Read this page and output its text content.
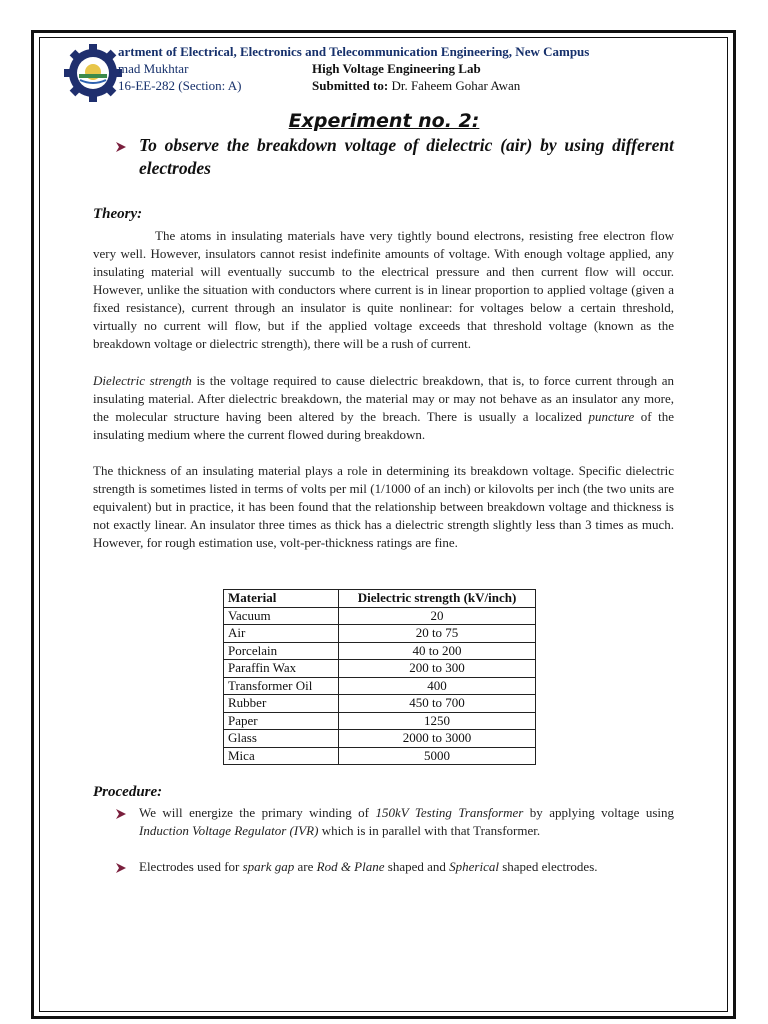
artment of Electrical, Electronics and Telecommunication Engineering, New Campus
mad Mukhtar
16-EE-282 (Section: A)
High Voltage Engineering Lab
Submitted to: Dr. Faheem Gohar Awan
Experiment no. 2:
To observe the breakdown voltage of dielectric (air) by using different electrodes
Theory:
The atoms in insulating materials have very tightly bound electrons, resisting free electron flow very well. However, insulators cannot resist indefinite amounts of voltage. With enough voltage applied, any insulating material will eventually succumb to the electrical pressure and then current flow will occur. However, unlike the situation with conductors where current is in linear proportion to applied voltage (given a fixed resistance), current through an insulator is quite nonlinear: for voltages below a certain threshold, virtually no current will flow, but if the applied voltage exceeds that threshold voltage (known as the breakdown voltage or dielectric strength), there will be a rush of current.
Dielectric strength is the voltage required to cause dielectric breakdown, that is, to force current through an insulating material. After dielectric breakdown, the material may or may not behave as an insulator any more, the molecular structure having been altered by the breach. There is usually a localized puncture of the insulating medium where the current flowed during breakdown.
The thickness of an insulating material plays a role in determining its breakdown voltage. Specific dielectric strength is sometimes listed in terms of volts per mil (1/1000 of an inch) or kilovolts per inch (the two units are equivalent) but in practice, it has been found that the relationship between breakdown voltage and thickness is not exactly linear. An insulator three times as thick has a dielectric strength slightly less than 3 times as much. However, for rough estimation use, volt-per-thickness ratings are fine.
Material	Dielectric strength (kV/inch)
Vacuum	20
Air	20 to 75
Porcelain	40 to 200
Paraffin Wax	200 to 300
Transformer Oil	400
Rubber	450 to 700
Paper	1250
Glass	2000 to 3000
Mica	5000
Procedure:
We will energize the primary winding of 150kV Testing Transformer by applying voltage using Induction Voltage Regulator (IVR) which is in parallel with that Transformer.
Electrodes used for spark gap are Rod & Plane shaped and Spherical shaped electrodes.
